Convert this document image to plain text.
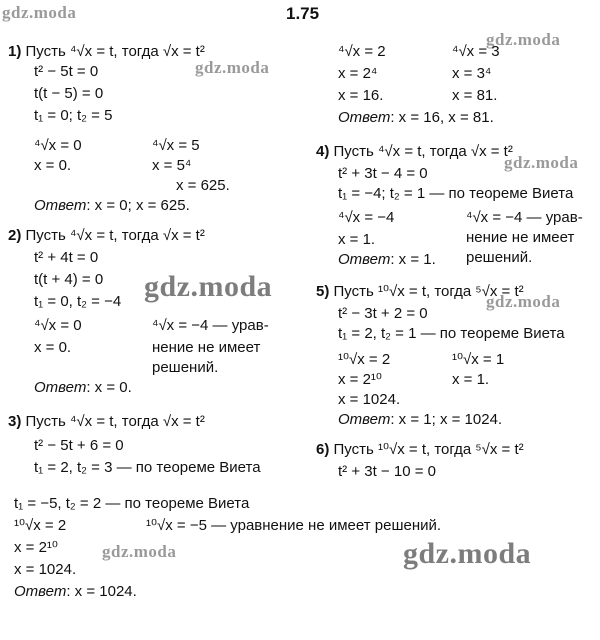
1.75
gdz.moda
gdz.moda
gdz.moda
gdz.moda
gdz.moda	gdz.moda
gdz.moda	gdz.moda
1) Пусть ⁴√x = t, тогда √x = t²
t² − 5t = 0
t(t − 5) = 0
t₁ = 0; t₂ = 5
⁴√x = 0
x = 0.
⁴√x = 5
x = 5⁴
x = 625.
Ответ: x = 0; x = 625.
2) Пусть ⁴√x = t, тогда √x = t²
t² + 4t = 0
t(t + 4) = 0
t₁ = 0, t₂ = −4
⁴√x = 0
x = 0.
⁴√x = −4 — урав-
нение не имеет
решений.
Ответ: x = 0.
3) Пусть ⁴√x = t, тогда √x = t²
t² − 5t + 6 = 0
t₁ = 2, t₂ = 3 — по теореме Виета
t₁ = −5, t₂ = 2 — по теореме Виета
¹⁰√x = 2	¹⁰√x = −5 — уравнение не имеет решений.
x = 2¹⁰
x = 1024.
Ответ: x = 1024.
⁴√x = 2
x = 2⁴
x = 16.
⁴√x = 3
x = 3⁴
x = 81.
Ответ: x = 16, x = 81.
4) Пусть ⁴√x = t, тогда √x = t²
t² + 3t − 4 = 0
t₁ = −4; t₂ = 1 — по теореме Виета
⁴√x = −4
x = 1.
⁴√x = −4 — урав-
нение не имеет
решений.
Ответ: x = 1.
5) Пусть ¹⁰√x = t, тогда ⁵√x = t²
t² − 3t + 2 = 0
t₁ = 2, t₂ = 1 — по теореме Виета
¹⁰√x = 2	¹⁰√x = 1
x = 2¹⁰	x = 1.
x = 1024.
Ответ: x = 1; x = 1024.
6) Пусть ¹⁰√x = t, тогда ⁵√x = t²
t² + 3t − 10 = 0
